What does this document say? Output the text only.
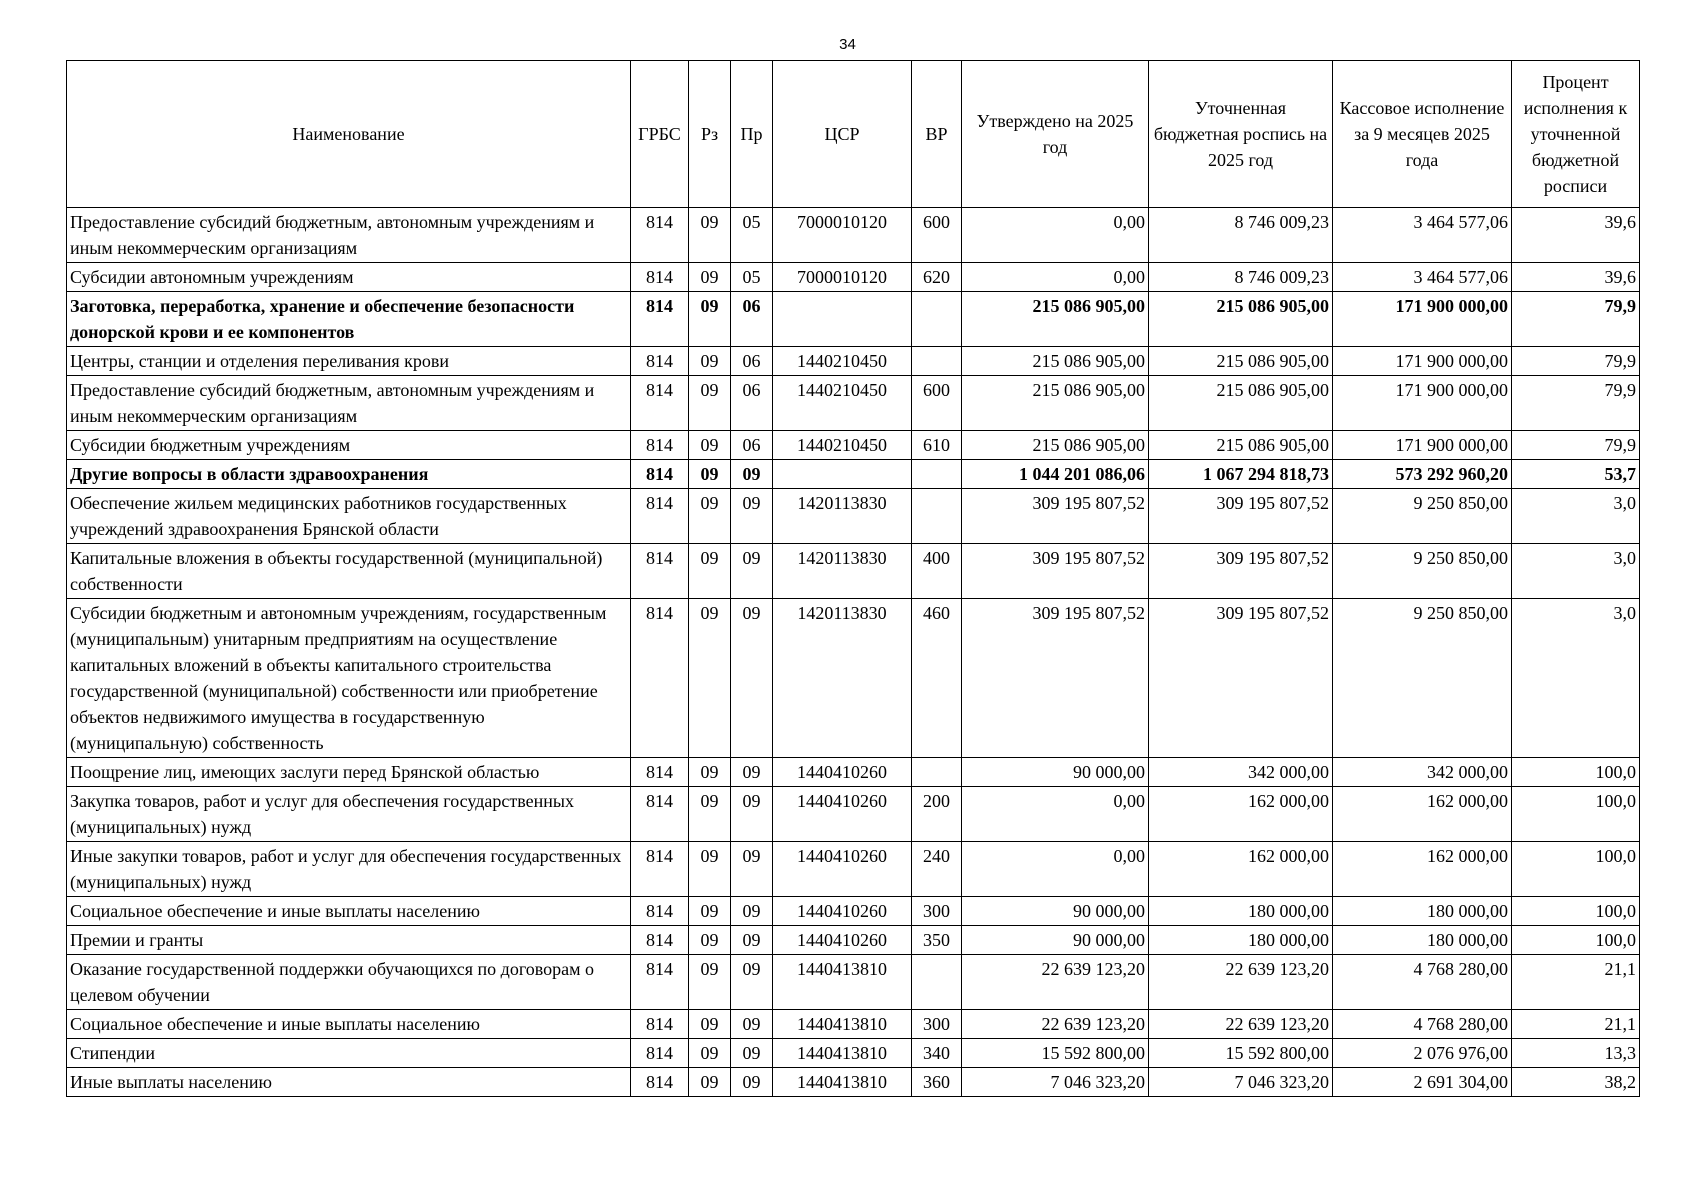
34
Наименование	ГРБС	Рз	Пр	ЦСР	ВР	Утверждено на 2025 год	Уточненная бюджетная роспись на 2025 год	Кассовое исполнение за 9 месяцев 2025 года	Процент исполнения к уточненной бюджетной росписи
Предоставление субсидий бюджетным, автономным учреждениям и иным некоммерческим организациям	814	09	05	7000010120	600	0,00	8 746 009,23	3 464 577,06	39,6
Субсидии автономным учреждениям	814	09	05	7000010120	620	0,00	8 746 009,23	3 464 577,06	39,6
Заготовка, переработка, хранение и обеспечение безопасности донорской крови и ее компонентов	814	09	06			215 086 905,00	215 086 905,00	171 900 000,00	79,9
Центры, станции и отделения переливания крови	814	09	06	1440210450		215 086 905,00	215 086 905,00	171 900 000,00	79,9
Предоставление субсидий бюджетным, автономным учреждениям и иным некоммерческим организациям	814	09	06	1440210450	600	215 086 905,00	215 086 905,00	171 900 000,00	79,9
Субсидии бюджетным учреждениям	814	09	06	1440210450	610	215 086 905,00	215 086 905,00	171 900 000,00	79,9
Другие вопросы в области здравоохранения	814	09	09			1 044 201 086,06	1 067 294 818,73	573 292 960,20	53,7
Обеспечение жильем медицинских работников государственных учреждений здравоохранения Брянской области	814	09	09	1420113830		309 195 807,52	309 195 807,52	9 250 850,00	3,0
Капитальные вложения в объекты государственной (муниципальной) собственности	814	09	09	1420113830	400	309 195 807,52	309 195 807,52	9 250 850,00	3,0
Субсидии бюджетным и автономным учреждениям, государственным (муниципальным) унитарным предприятиям на осуществление капитальных вложений в объекты капитального строительства государственной (муниципальной) собственности или приобретение объектов недвижимого имущества в государственную (муниципальную) собственность	814	09	09	1420113830	460	309 195 807,52	309 195 807,52	9 250 850,00	3,0
Поощрение лиц, имеющих заслуги перед Брянской областью	814	09	09	1440410260		90 000,00	342 000,00	342 000,00	100,0
Закупка товаров, работ и услуг для обеспечения государственных (муниципальных) нужд	814	09	09	1440410260	200	0,00	162 000,00	162 000,00	100,0
Иные закупки товаров, работ и услуг для обеспечения государственных (муниципальных) нужд	814	09	09	1440410260	240	0,00	162 000,00	162 000,00	100,0
Социальное обеспечение и иные выплаты населению	814	09	09	1440410260	300	90 000,00	180 000,00	180 000,00	100,0
Премии и гранты	814	09	09	1440410260	350	90 000,00	180 000,00	180 000,00	100,0
Оказание государственной поддержки обучающихся по договорам о целевом обучении	814	09	09	1440413810		22 639 123,20	22 639 123,20	4 768 280,00	21,1
Социальное обеспечение и иные выплаты населению	814	09	09	1440413810	300	22 639 123,20	22 639 123,20	4 768 280,00	21,1
Стипендии	814	09	09	1440413810	340	15 592 800,00	15 592 800,00	2 076 976,00	13,3
Иные выплаты населению	814	09	09	1440413810	360	7 046 323,20	7 046 323,20	2 691 304,00	38,2
